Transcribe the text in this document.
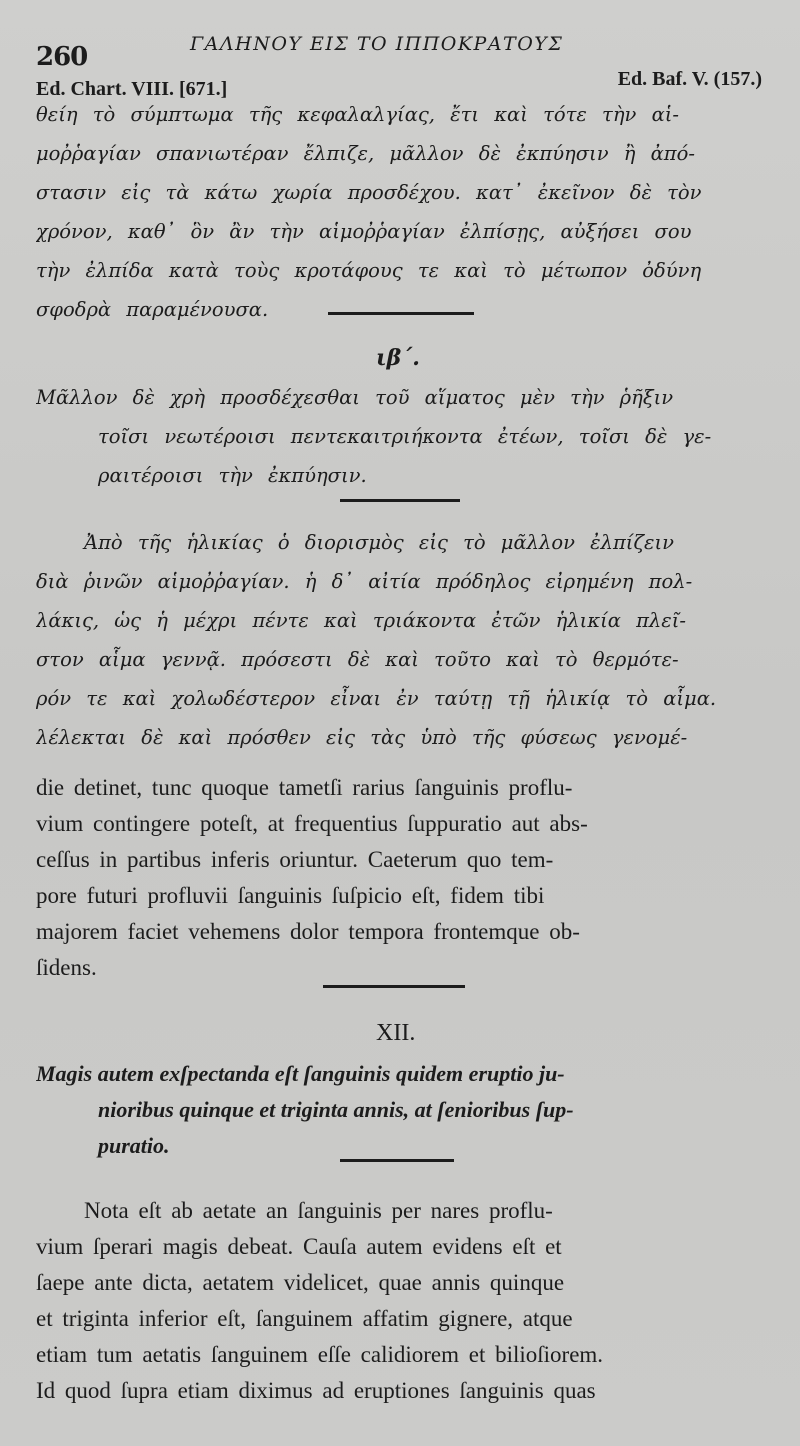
260	ΓΑΛΗΝΟΥ ΕΙΣ ΤΟ ΙΠΠΟΚΡΑΤΟΥΣ
Ed. Chart. VIII. [671.]	Ed. Baf. V. (157.)
θείη τὸ σύμπτωμα τῆς κεφαλαλγίας, ἔτι καὶ τότε τὴν αἱ-
μοῤῥαγίαν σπανιωτέραν ἔλπιζε, μᾶλλον δὲ ἐκπύησιν ἢ ἀπό-
στασιν εἰς τὰ κάτω χωρία προσδέχου. κατ᾽ ἐκεῖνον δὲ τὸν
χρόνον, καθ᾽ ὃν ἂν τὴν αἱμοῤῥαγίαν ἐλπίσῃς, αὐξήσει σου
τὴν ἐλπίδα κατὰ τοὺς κροτάφους τε καὶ τὸ μέτωπον ὀδύνη
σφοδρὰ παραμένουσα.
ιβ΄.
Μᾶλλον δὲ χρὴ προσδέχεσθαι τοῦ αἵματος μὲν τὴν ῥῆξιν
τοῖσι νεωτέροισι πεντεκαιτριήκοντα ἐτέων, τοῖσι δὲ γε-
ραιτέροισι τὴν ἐκπύησιν.
Ἀπὸ τῆς ἡλικίας ὁ διορισμὸς εἰς τὸ μᾶλλον ἐλπίζειν
διὰ ῥινῶν αἱμοῤῥαγίαν. ἡ δ᾽ αἰτία πρόδηλος εἰρημένη πολ-
λάκις, ὡς ἡ μέχρι πέντε καὶ τριάκοντα ἐτῶν ἡλικία πλεῖ-
στον αἷμα γεννᾷ. πρόσεστι δὲ καὶ τοῦτο καὶ τὸ θερμότε-
ρόν τε καὶ χολωδέστερον εἶναι ἐν ταύτῃ τῇ ἡλικίᾳ τὸ αἷμα.
λέλεκται δὲ καὶ πρόσθεν εἰς τὰς ὑπὸ τῆς φύσεως γενομέ-
die detinet, tunc quoque tametſi rarius ſanguinis proflu-
vium contingere poteſt, at frequentius ſuppuratio aut abs-
ceſſus in partibus inferis oriuntur. Caeterum quo tem-
pore futuri profluvii ſanguinis ſuſpicio eſt, fidem tibi
majorem faciet vehemens dolor tempora frontemque ob-
ſidens.
XII.
Magis autem exſpectanda eſt ſanguinis quidem eruptio ju-
nioribus quinque et triginta annis, at ſenioribus ſup-
puratio.
Nota eſt ab aetate an ſanguinis per nares proflu-
vium ſperari magis debeat. Cauſa autem evidens eſt et
ſaepe ante dicta, aetatem videlicet, quae annis quinque
et triginta inferior eſt, ſanguinem affatim gignere, atque
etiam tum aetatis ſanguinem eſſe calidiorem et bilioſiorem.
Id quod ſupra etiam diximus ad eruptiones ſanguinis quas
